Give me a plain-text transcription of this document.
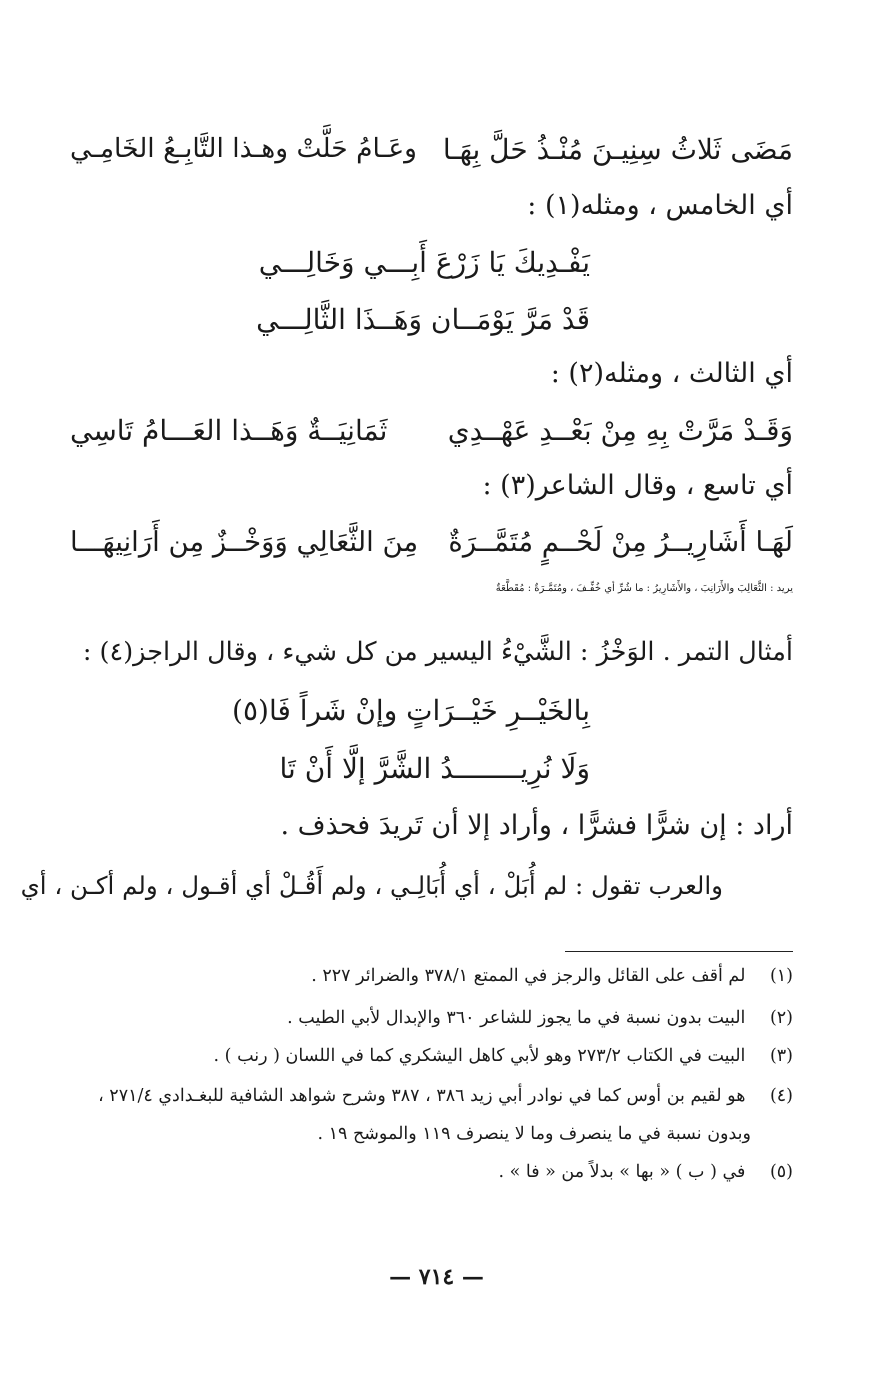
مَضَى ثَلاثُ سِنِيـنَ مُنْـذُ حَلَّ بِهَـا
وعَـامُ حَلَّتْ وهـذا التَّابِـعُ الخَامِـي
أي الخامس ، ومثله(١) :
يَفْـدِيكَ يَا زَرْعَ أَبِـــي وَخَالِـــي
قَدْ مَرَّ يَوْمَــان وَهَــذَا الثَّالِـــي
أي الثالث ، ومثله(٢) :
وَقَـدْ مَرَّتْ بِهِ مِنْ بَعْــدِ عَهْــدِي
ثَمَانِيَــةٌ وَهَــذا العَـــامُ تَاسِي
أي تاسع ، وقال الشاعر(٣) :
لَهَـا أَشَارِيــرُ مِنْ لَحْــمٍ مُتَمَّــرَةٌ
مِنَ الثَّعَالِي وَوَخْــزٌ مِن أَرَانِيهَـــا
يريد : الثَّعَالِبَ والأَرَانِبَ ، والأَشَارِيرُ : ما شُرِّ أي خُفِّـفَ ، ومُتَمَّـرَةٌ : مُقَطَّعَةٌ
أمثال التمر . الوَخْزُ : الشَّيْءُ اليسير من كل شيء ، وقال الراجز(٤) :
بِالخَيْــرِ خَيْــرَاتٍ وإنْ شَراً فَا(٥)
وَلَا نُرِيــــــــدُ الشَّرَّ إلَّا أَنْ تَا
أراد : إن شرًّا فشرًّا ، وأراد إلا أن تَريدَ فحذف .
والعرب تقول : لم أُبَلْ ، أي أُبَالِـي ، ولم أَقُـلْ أي أقـول ، ولم أكـن ، أي
(١) لم أقف على القائل والرجز في الممتع ٣٧٨/١ والضرائر ٢٢٧ .
(٢) البيت بدون نسبة في ما يجوز للشاعر ٣٦٠ والإبدال لأبي الطيب .
(٣) البيت في الكتاب ٢٧٣/٢ وهو لأبي كاهل اليشكري كما في اللسان ( رنب ) .
(٤) هو لقيم بن أوس كما في نوادر أبي زيد ٣٨٦ ، ٣٨٧ وشرح شواهد الشافية للبغـدادي ٢٧١/٤ ،
وبدون نسبة في ما ينصرف وما لا ينصرف ١١٩ والموشح ١٩ .
(٥) في ( ب ) « بها » بدلاً من « فا » .
— ٧١٤ —
